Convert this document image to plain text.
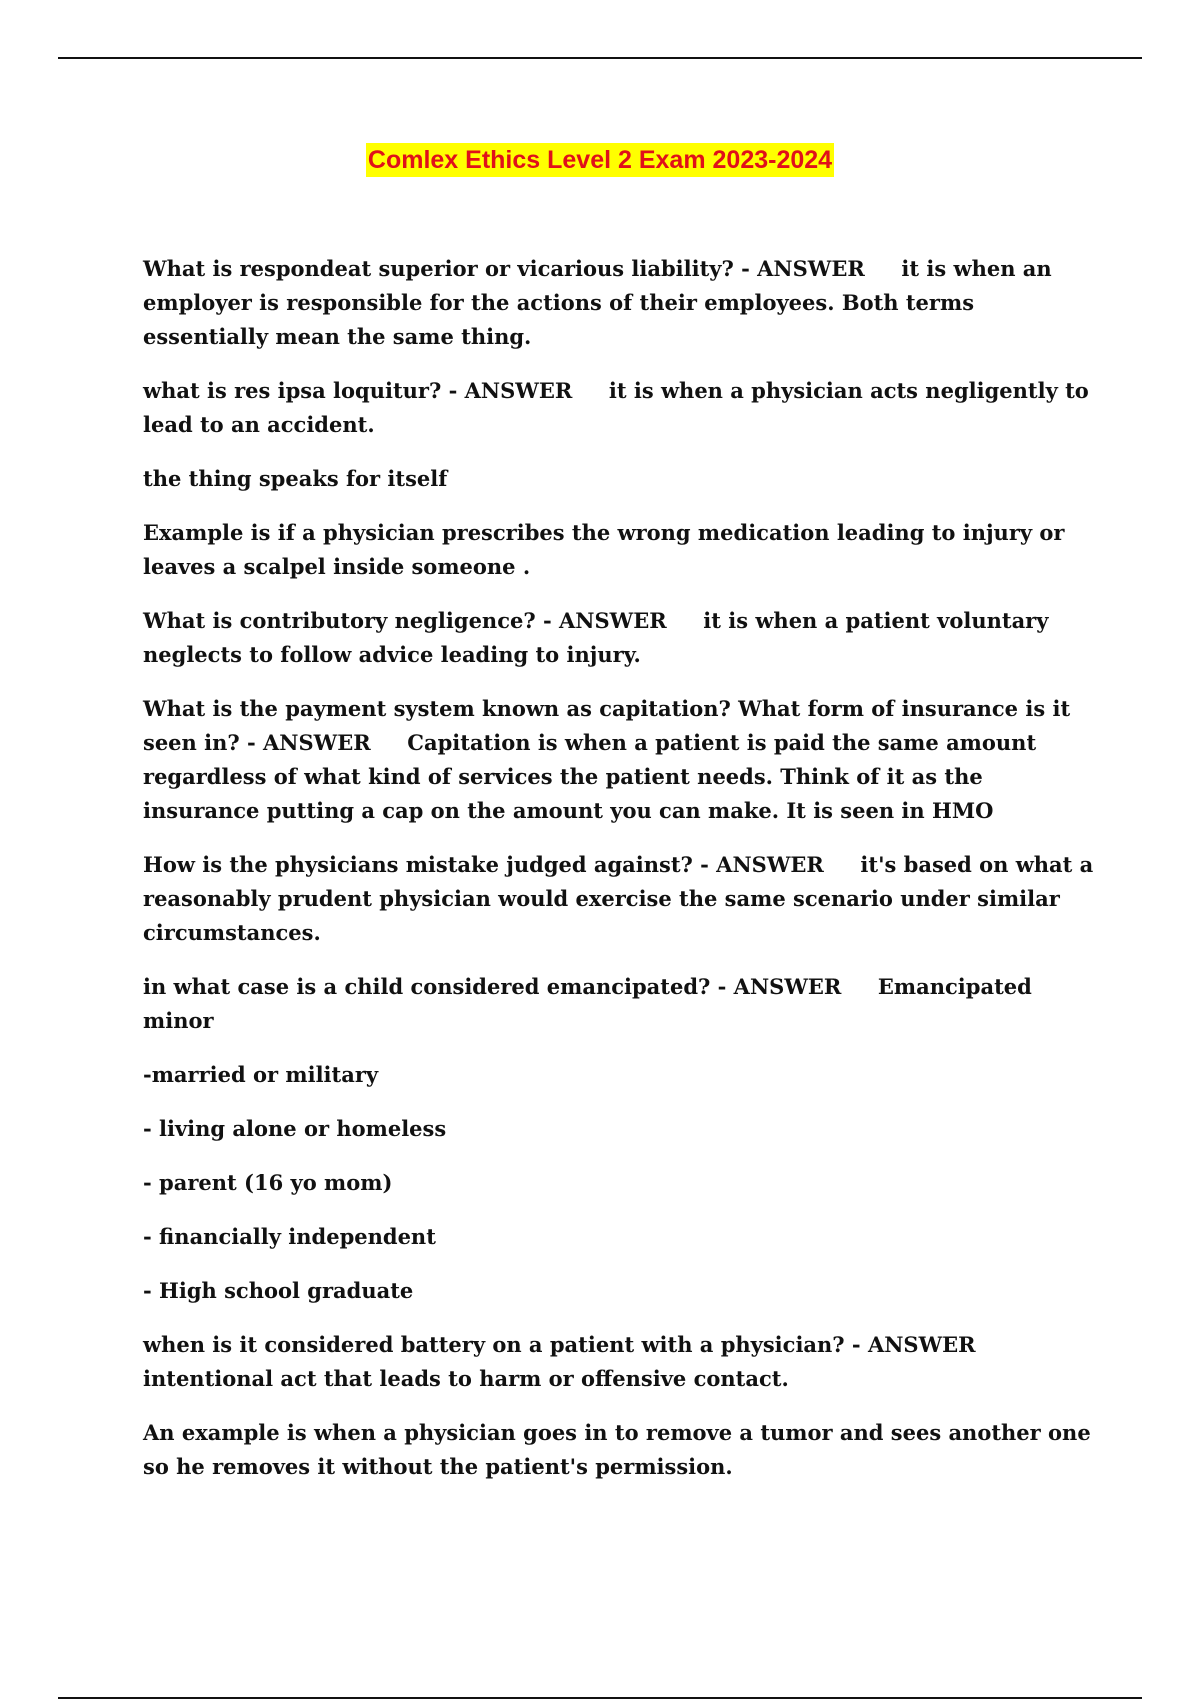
Comlex Ethics Level 2 Exam 2023-2024

What is respondeat superior or vicarious liability? - ANSWER     it is when an employer is responsible for the actions of their employees. Both terms essentially mean the same thing.

what is res ipsa loquitur? - ANSWER     it is when a physician acts negligently to lead to an accident.

the thing speaks for itself

Example is if a physician prescribes the wrong medication leading to injury or leaves a scalpel inside someone .

What is contributory negligence? - ANSWER     it is when a patient voluntary neglects to follow advice leading to injury.

What is the payment system known as capitation? What form of insurance is it seen in? - ANSWER     Capitation is when a patient is paid the same amount regardless of what kind of services the patient needs. Think of it as the insurance putting a cap on the amount you can make. It is seen in HMO

How is the physicians mistake judged against? - ANSWER     it's based on what a reasonably prudent physician would exercise the same scenario under similar circumstances.

in what case is a child considered emancipated? - ANSWER     Emancipated minor

-married or military

- living alone or homeless

- parent (16 yo mom)

- financially independent

- High school graduate

when is it considered battery on a patient with a physician? - ANSWER     intentional act that leads to harm or offensive contact.

An example is when a physician goes in to remove a tumor and sees another one so he removes it without the patient's permission.
